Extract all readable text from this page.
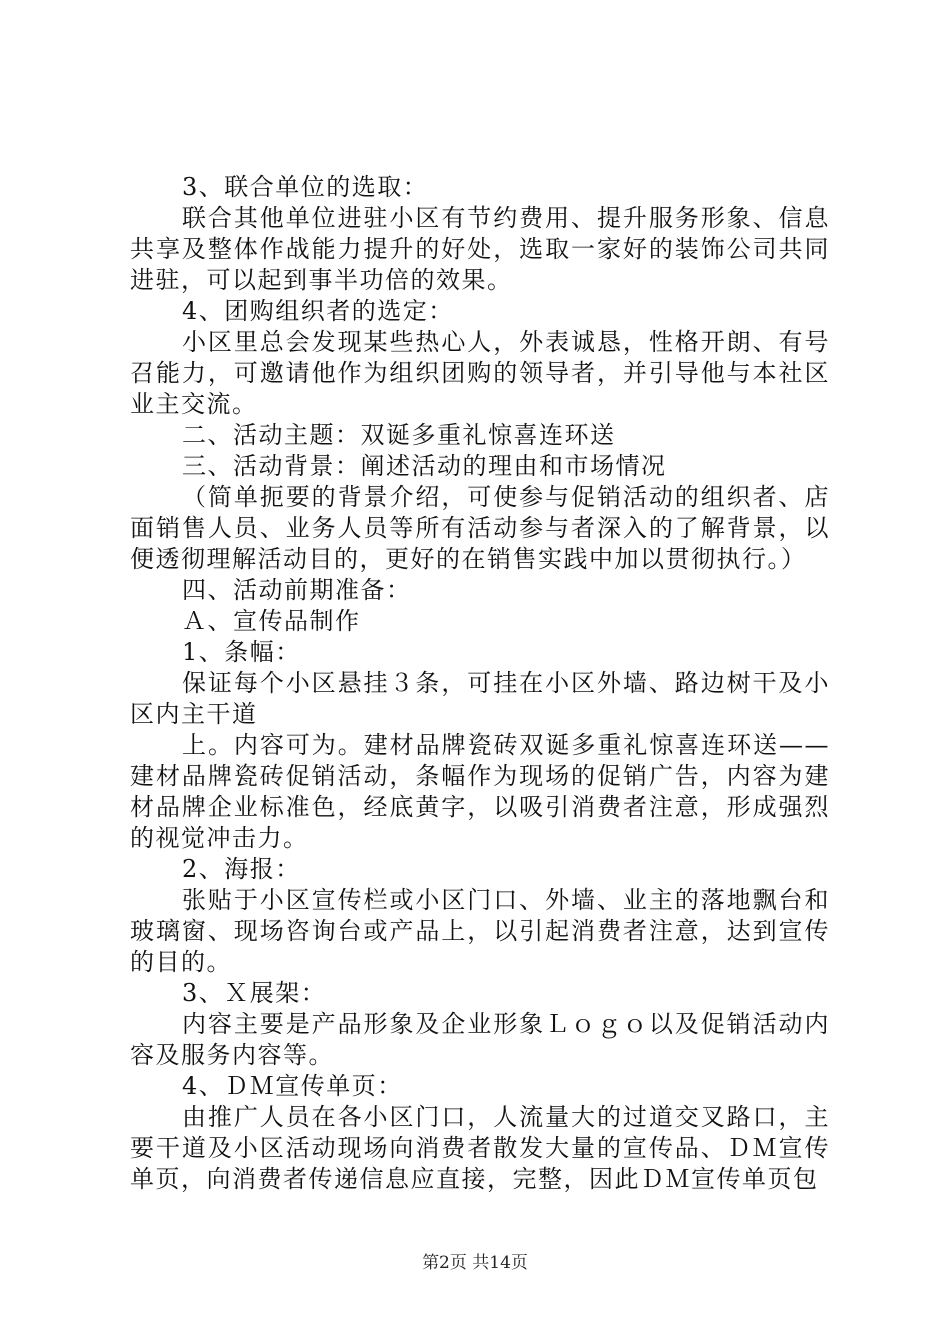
3、联合单位的选取：

联合其他单位进驻小区有节约费用、提升服务形象、信息共享及整体作战能力提升的好处，选取一家好的装饰公司共同进驻，可以起到事半功倍的效果。

4、团购组织者的选定：

小区里总会发现某些热心人，外表诚恳，性格开朗、有号召能力，可邀请他作为组织团购的领导者，并引导他与本社区业主交流。

二、活动主题：双诞多重礼惊喜连环送

三、活动背景：阐述活动的理由和市场情况

（简单扼要的背景介绍，可使参与促销活动的组织者、店面销售人员、业务人员等所有活动参与者深入的了解背景，以便透彻理解活动目的，更好的在销售实践中加以贯彻执行。）

四、活动前期准备：

Ａ、宣传品制作

1、条幅：

保证每个小区悬挂３条，可挂在小区外墙、路边树干及小区内主干道

上。内容可为。建材品牌瓷砖双诞多重礼惊喜连环送——建材品牌瓷砖促销活动，条幅作为现场的促销广告，内容为建材品牌企业标准色，经底黄字，以吸引消费者注意，形成强烈的视觉冲击力。

2、海报：

张贴于小区宣传栏或小区门口、外墙、业主的落地飘台和玻璃窗、现场咨询台或产品上，以引起消费者注意，达到宣传的目的。

3、Ｘ展架：

内容主要是产品形象及企业形象Ｌｏｇｏ以及促销活动内容及服务内容等。

4、ＤＭ宣传单页：

由推广人员在各小区门口，人流量大的过道交叉路口，主要干道及小区活动现场向消费者散发大量的宣传品、ＤＭ宣传单页，向消费者传递信息应直接，完整，因此ＤＭ宣传单页包

第2页 共14页
